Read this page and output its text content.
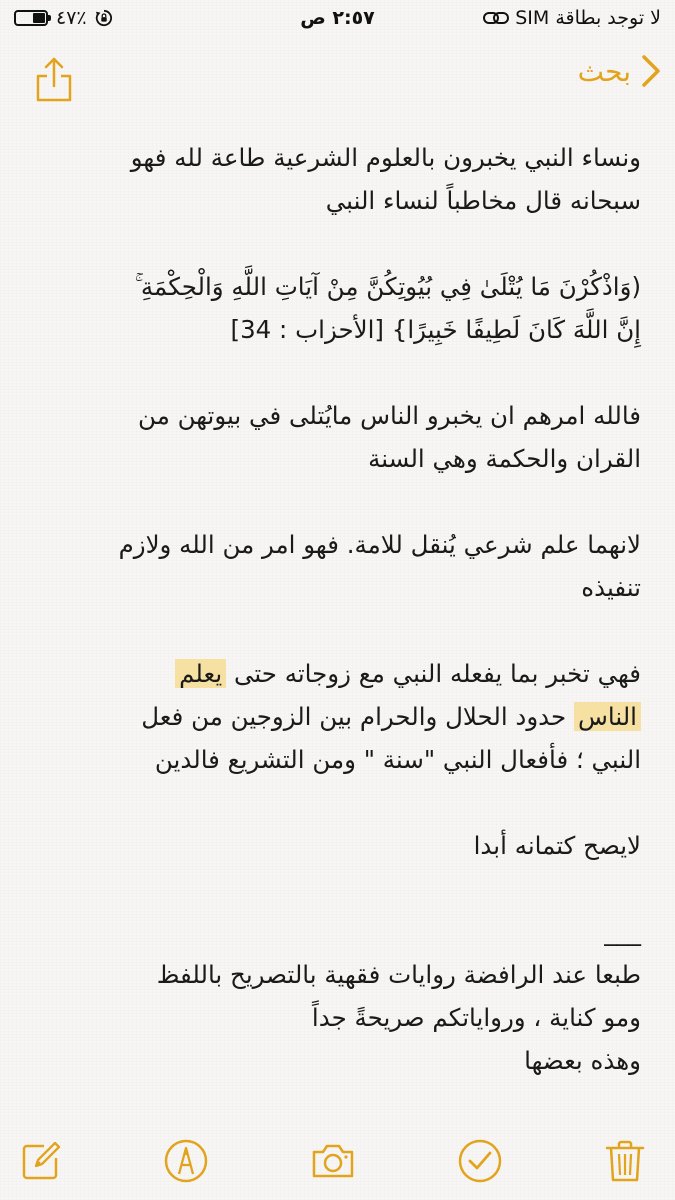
٤٧٪	٢:٥٧ ص	لا توجد بطاقة SIM
بحث

ونساء النبي يخبرون بالعلوم الشرعية طاعة لله فهو

سبحانه قال مخاطباً لنساء النبي

(وَاذْكُرْنَ مَا يُتْلَىٰ فِي بُيُوتِكُنَّ مِنْ آيَاتِ اللَّهِ وَالْحِكْمَةِ ۚ

إِنَّ اللَّهَ كَانَ لَطِيفًا خَبِيرًا} [الأحزاب : 34]

فالله امرهم ان يخبرو الناس مايُتلى في بيوتهن من

القران والحكمة وهي السنة

لانهما علم شرعي يُنقل للامة. فهو امر من الله ولازم

تنفيذه

فهي تخبر بما يفعله النبي مع زوجاته حتى يعلم

الناس حدود الحلال والحرام بين الزوجين من فعل

النبي ؛ فأفعال النبي "سنة " ومن التشريع فالدين

لايصح كتمانه أبدا

___

طبعا عند الرافضة روايات فقهية بالتصريح باللفظ

ومو كناية ، ورواياتكم صريحةً جداً

وهذه بعضها
